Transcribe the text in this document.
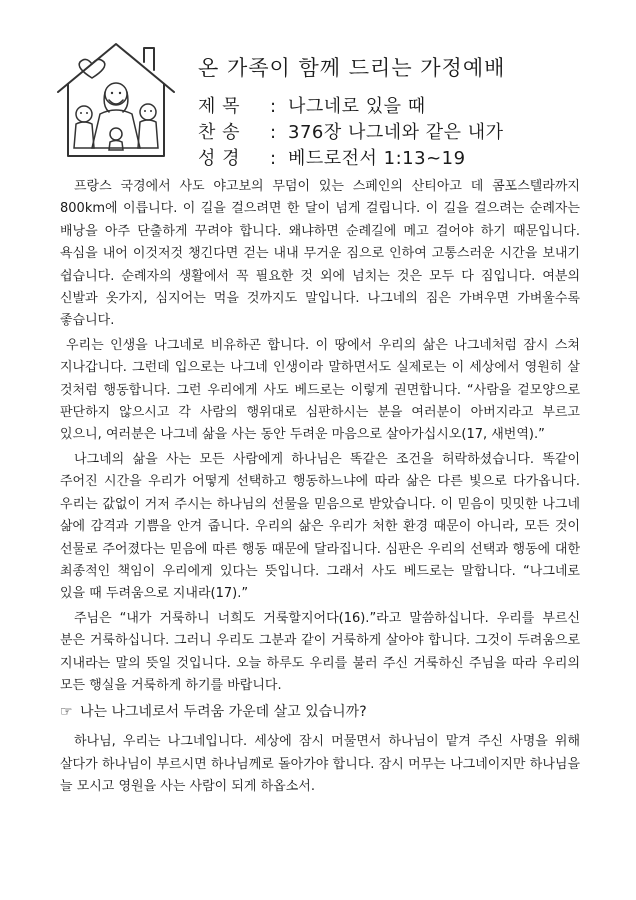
온 가족이 함께 드리는 가정예배
제 목 : 나그네로 있을 때
찬 송 : 376장 나그네와 같은 내가
성 경 : 베드로전서 1:13~19

프랑스 국경에서 사도 야고보의 무덤이 있는 스페인의 산티아고 데 콤포스텔라까지 800km에 이릅니다. 이 길을 걸으려면 한 달이 넘게 걸립니다. 이 길을 걸으려는 순례자는 배낭을 아주 단출하게 꾸려야 합니다. 왜냐하면 순례길에 메고 걸어야 하기 때문입니다. 욕심을 내어 이것저것 챙긴다면 걷는 내내 무거운 짐으로 인하여 고통스러운 시간을 보내기 쉽습니다. 순례자의 생활에서 꼭 필요한 것 외에 넘치는 것은 모두 다 짐입니다. 여분의 신발과 옷가지, 심지어는 먹을 것까지도 말입니다. 나그네의 짐은 가벼우면 가벼울수록 좋습니다.

우리는 인생을 나그네로 비유하곤 합니다. 이 땅에서 우리의 삶은 나그네처럼 잠시 스쳐 지나갑니다. 그런데 입으로는 나그네 인생이라 말하면서도 실제로는 이 세상에서 영원히 살 것처럼 행동합니다. 그런 우리에게 사도 베드로는 이렇게 권면합니다. “사람을 겉모양으로 판단하지 않으시고 각 사람의 행위대로 심판하시는 분을 여러분이 아버지라고 부르고 있으니, 여러분은 나그네 삶을 사는 동안 두려운 마음으로 살아가십시오(17, 새번역).”

나그네의 삶을 사는 모든 사람에게 하나님은 똑같은 조건을 허락하셨습니다. 똑같이 주어진 시간을 우리가 어떻게 선택하고 행동하느냐에 따라 삶은 다른 빛으로 다가옵니다. 우리는 값없이 거저 주시는 하나님의 선물을 믿음으로 받았습니다. 이 믿음이 밋밋한 나그네 삶에 감격과 기쁨을 안겨 줍니다. 우리의 삶은 우리가 처한 환경 때문이 아니라, 모든 것이 선물로 주어졌다는 믿음에 따른 행동 때문에 달라집니다. 심판은 우리의 선택과 행동에 대한 최종적인 책임이 우리에게 있다는 뜻입니다. 그래서 사도 베드로는 말합니다. “나그네로 있을 때 두려움으로 지내라(17).”

주님은 “내가 거룩하니 너희도 거룩할지어다(16).”라고 말씀하십니다. 우리를 부르신 분은 거룩하십니다. 그러니 우리도 그분과 같이 거룩하게 살아야 합니다. 그것이 두려움으로 지내라는 말의 뜻일 것입니다. 오늘 하루도 우리를 불러 주신 거룩하신 주님을 따라 우리의 모든 행실을 거룩하게 하기를 바랍니다.

☞ 나는 나그네로서 두려움 가운데 살고 있습니까?

하나님, 우리는 나그네입니다. 세상에 잠시 머물면서 하나님이 맡겨 주신 사명을 위해 살다가 하나님이 부르시면 하나님께로 돌아가야 합니다. 잠시 머무는 나그네이지만 하나님을 늘 모시고 영원을 사는 사람이 되게 하옵소서.
